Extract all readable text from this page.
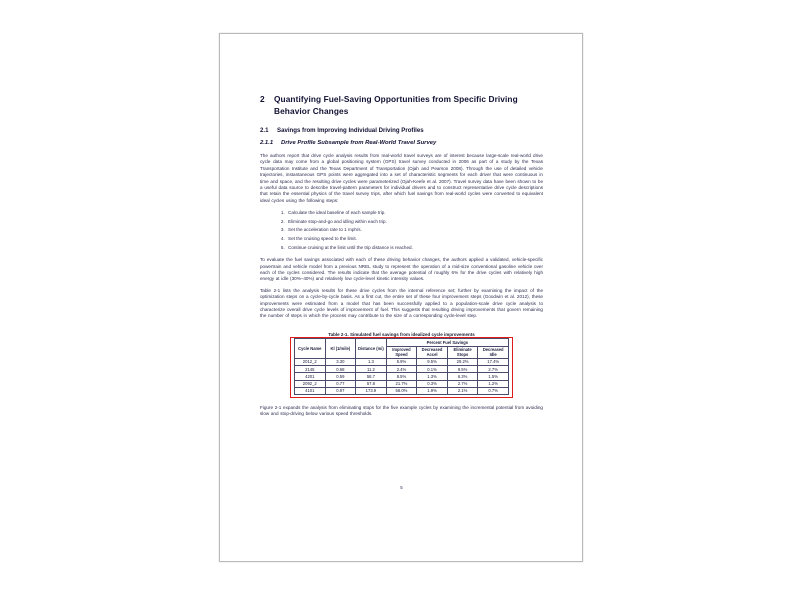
2	Quantifying Fuel-Saving Opportunities from Specific Driving Behavior Changes
2.1	Savings from Improving Individual Driving Profiles
2.1.1	Drive Profile Subsample from Real-World Travel Survey

The authors report that drive cycle analysis results from real-world travel surveys are of interest because large-scale real-world drive cycle data may come from a global positioning system (GPS) travel survey conducted in 2006 as part of a study by the Texas Transportation Institute and the Texas Department of Transportation (Ojah and Pearson 2008). Through the use of detailed vehicle trajectories, instantaneous GPS points were aggregated into a set of characteristic segments for each driver that were continuous in time and space, and the resulting drive cycles were parameterized (Ojah-Keefe et al. 2007). Travel survey data have been shown to be a useful data source to describe travel-pattern parameters for individual drivers and to construct representative drive cycle descriptions that retain the essential physics of the travel survey trips, after which fuel savings from real-world cycles were converted to equivalent ideal cycles using the following steps:

1. Calculate the ideal baseline of each sample trip.
2. Eliminate stop-and-go and idling within each trip.
3. Set the acceleration rate to 1 mph/s.
4. Set the cruising speed to the limit.
5. Continue cruising at the limit until the trip distance is reached.

To evaluate the fuel savings associated with each of these driving behavior changes, the authors applied a validated, vehicle-specific powertrain and vehicle model from a previous NREL study to represent the operation of a mid-size conventional gasoline vehicle over each of the cycles considered. The results indicate that the average potential of roughly 6% for the drive cycles with relatively high energy at idle (30%–40%) and relatively low cycle-level kinetic intensity values.

Table 2-1 lists the analysis results for these drive cycles from the internal reference set; further by examining the impact of the optimization steps on a cycle-by-cycle basis. As a first cut, the entire set of these four improvement steps (Goodwin et al. 2012), these improvements were estimated from a model that has been successfully applied to a population-scale drive cycle analysis to characterize overall drive cycle levels of improvement of fuel. This suggests that resulting driving improvements that govern remaining the number of steps in which the process may contribute to the size of a corresponding cycle-level step.

Table 2-1. Simulated fuel savings from idealized cycle improvements
Cycle Name	Kl (1/mile)	Distance (mi)	Percent Fuel Savings			
			Improved Speed	Decreased Accel	Eliminate Stops	Decreased Idle
2012_2	3.30	1.3	5.9%	9.5%	29.2%	17.4%
2145	0.68	11.2	2.4%	0.1%	9.5%	2.7%
4201	0.59	58.7	8.5%	1.3%	6.3%	1.5%
2092_2	0.77	57.8	21.7%	0.3%	2.7%	1.2%
4101	0.97	173.9	58.0%	1.9%	2.1%	0.7%

Figure 2-1 expands the analysis from eliminating stops for the five example cycles by examining the incremental potential from avoiding slow and stop-driving below various speed thresholds.

5
